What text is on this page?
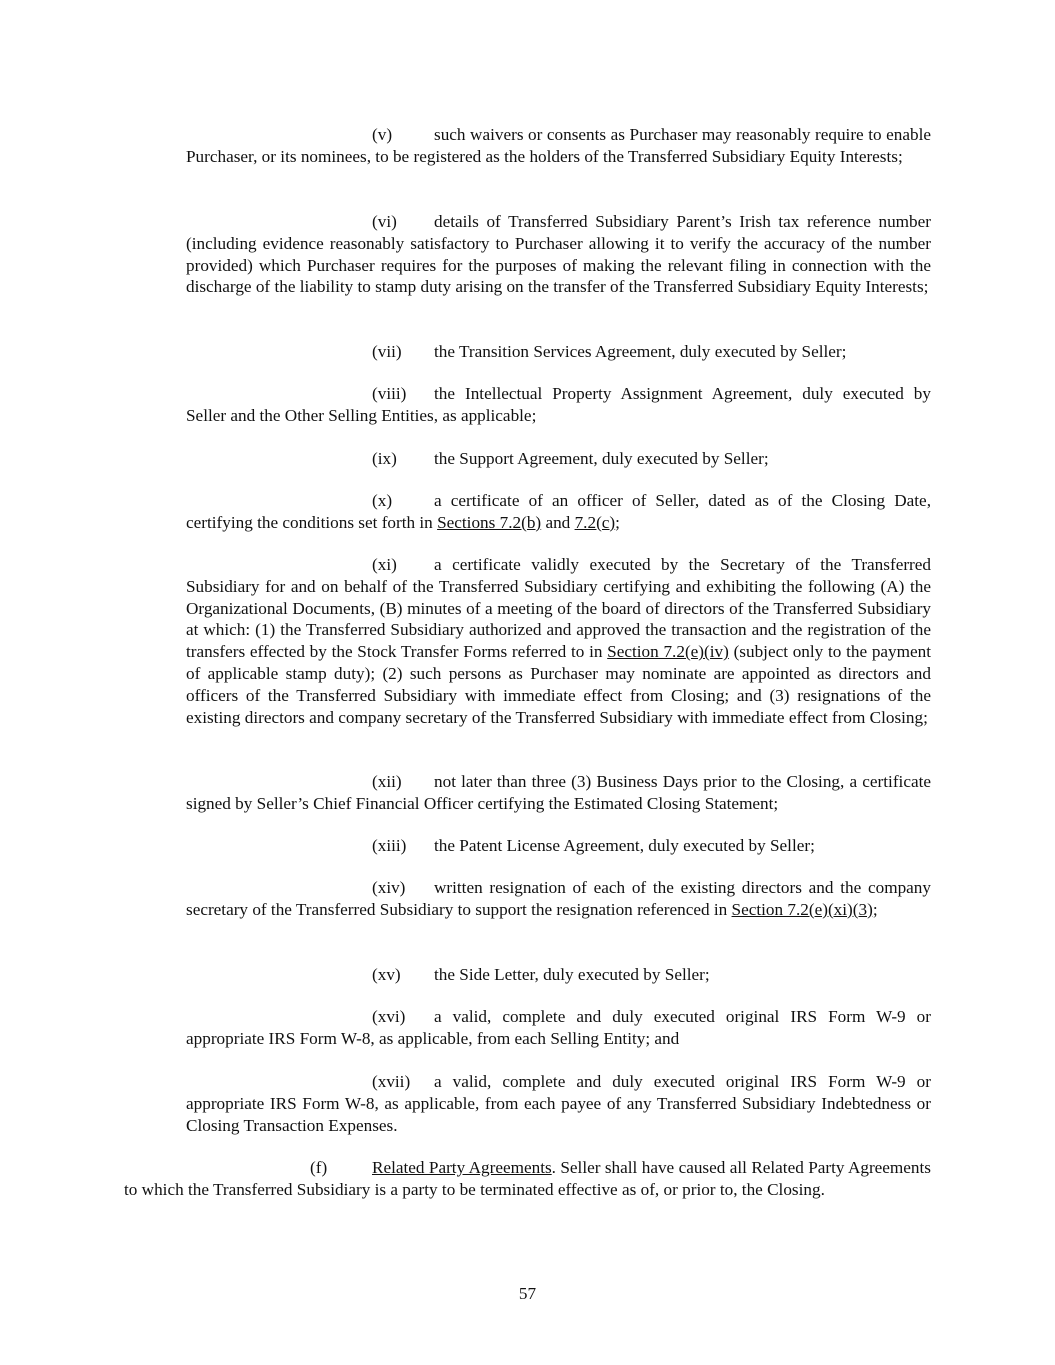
(v) such waivers or consents as Purchaser may reasonably require to enable Purchaser, or its nominees, to be registered as the holders of the Transferred Subsidiary Equity Interests;

(vi) details of Transferred Subsidiary Parent’s Irish tax reference number (including evidence reasonably satisfactory to Purchaser allowing it to verify the accuracy of the number provided) which Purchaser requires for the purposes of making the relevant filing in connection with the discharge of the liability to stamp duty arising on the transfer of the Transferred Subsidiary Equity Interests;

(vii) the Transition Services Agreement, duly executed by Seller;

(viii) the Intellectual Property Assignment Agreement, duly executed by Seller and the Other Selling Entities, as applicable;

(ix) the Support Agreement, duly executed by Seller;

(x) a certificate of an officer of Seller, dated as of the Closing Date, certifying the conditions set forth in Sections 7.2(b) and 7.2(c);

(xi) a certificate validly executed by the Secretary of the Transferred Subsidiary for and on behalf of the Transferred Subsidiary certifying and exhibiting the following (A) the Organizational Documents, (B) minutes of a meeting of the board of directors of the Transferred Subsidiary at which: (1) the Transferred Subsidiary authorized and approved the transaction and the registration of the transfers effected by the Stock Transfer Forms referred to in Section 7.2(e)(iv) (subject only to the payment of applicable stamp duty); (2) such persons as Purchaser may nominate are appointed as directors and officers of the Transferred Subsidiary with immediate effect from Closing; and (3) resignations of the existing directors and company secretary of the Transferred Subsidiary with immediate effect from Closing;

(xii) not later than three (3) Business Days prior to the Closing, a certificate signed by Seller’s Chief Financial Officer certifying the Estimated Closing Statement;

(xiii) the Patent License Agreement, duly executed by Seller;

(xiv) written resignation of each of the existing directors and the company secretary of the Transferred Subsidiary to support the resignation referenced in Section 7.2(e)(xi)(3);

(xv) the Side Letter, duly executed by Seller;

(xvi) a valid, complete and duly executed original IRS Form W-9 or appropriate IRS Form W-8, as applicable, from each Selling Entity; and

(xvii) a valid, complete and duly executed original IRS Form W-9 or appropriate IRS Form W-8, as applicable, from each payee of any Transferred Subsidiary Indebtedness or Closing Transaction Expenses.

(f)	Related Party Agreements. Seller shall have caused all Related Party Agreements to which the Transferred Subsidiary is a party to be terminated effective as of, or prior to, the Closing.

57
